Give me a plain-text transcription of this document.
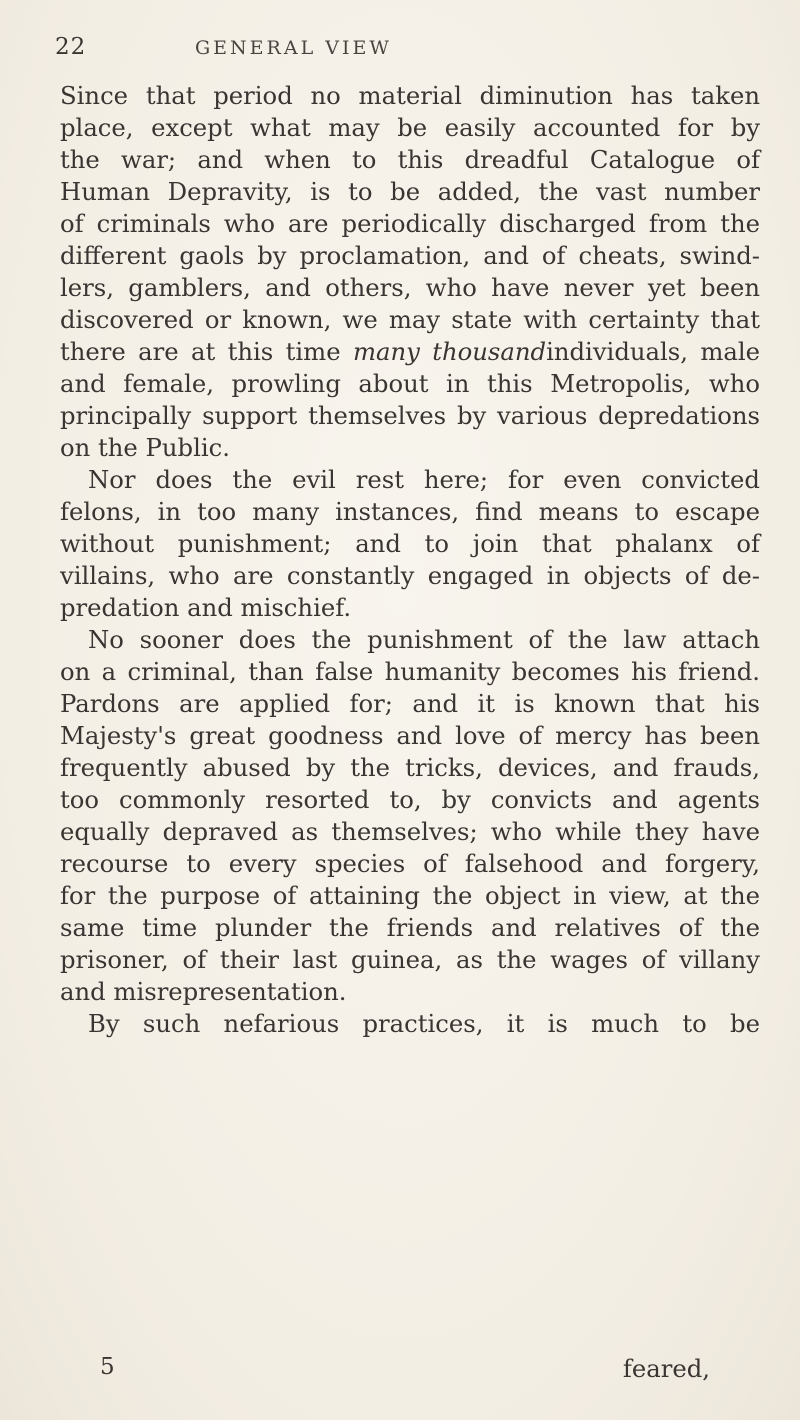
22	GENERAL VIEW
Since that period no material diminution has taken
place, except what may be easily accounted for by
the war; and when to this dreadful Catalogue of
Human Depravity, is to be added, the vast number
of criminals who are periodically discharged from the
different gaols by proclamation, and of cheats, swind-
lers, gamblers, and others, who have never yet been
discovered or known, we may state with certainty that
there are at this time many thousandindividuals, male
and female, prowling about in this Metropolis, who
principally support themselves by various depredations
on the Public.
Nor does the evil rest here; for even convicted
felons, in too many instances, find means to escape
without punishment; and to join that phalanx of
villains, who are constantly engaged in objects of de-
predation and mischief.
No sooner does the punishment of the law attach
on a criminal, than false humanity becomes his friend.
Pardons are applied for; and it is known that his
Majesty's great goodness and love of mercy has been
frequently abused by the tricks, devices, and frauds,
too commonly resorted to, by convicts and agents
equally depraved as themselves; who while they have
recourse to every species of falsehood and forgery,
for the purpose of attaining the object in view, at the
same time plunder the friends and relatives of the
prisoner, of their last guinea, as the wages of villany
and misrepresentation.
By such nefarious practices, it is much to be
5	feared,
